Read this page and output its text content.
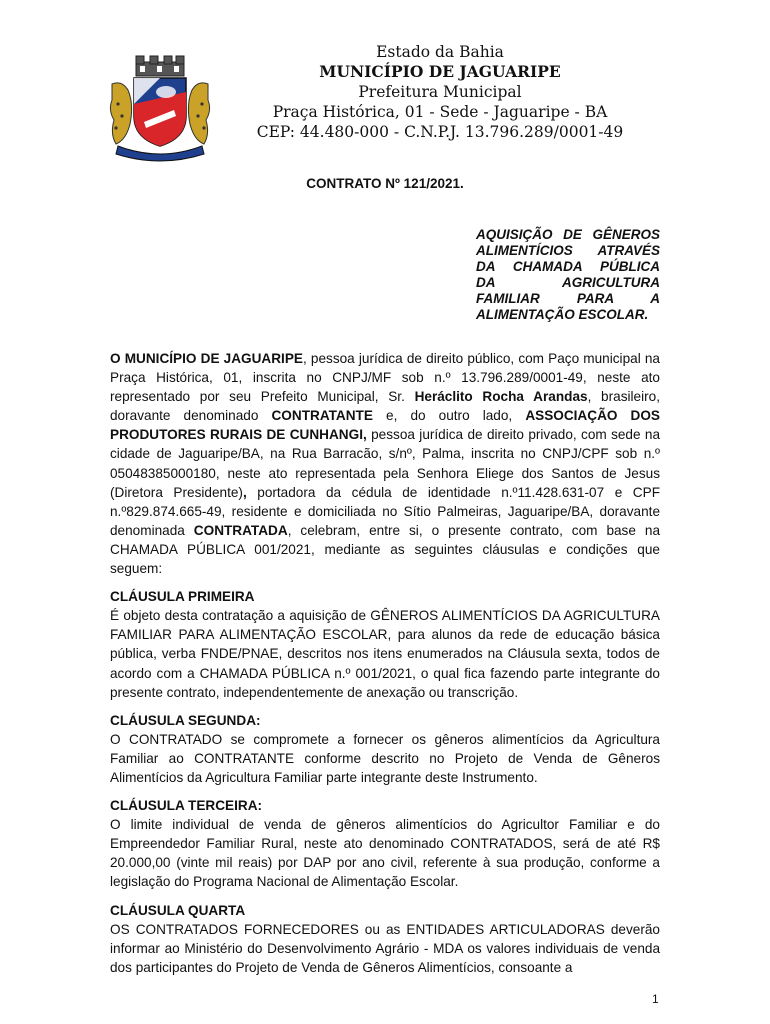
Estado da Bahia
MUNICÍPIO DE JAGUARIPE
Prefeitura Municipal
Praça Histórica, 01 - Sede - Jaguaripe - BA
CEP: 44.480-000 - C.N.P.J. 13.796.289/0001-49
CONTRATO Nº 121/2021.
AQUISIÇÃO DE GÊNEROS
ALIMENTÍCIOS ATRAVÉS
DA CHAMADA PÚBLICA
DA AGRICULTURA
FAMILIAR PARA A
ALIMENTAÇÃO ESCOLAR.

O MUNICÍPIO DE JAGUARIPE, pessoa jurídica de direito público, com Paço municipal na Praça Histórica, 01, inscrita no CNPJ/MF sob n.º 13.796.289/0001-49, neste ato representado por seu Prefeito Municipal, Sr. Heráclito Rocha Arandas, brasileiro, doravante denominado CONTRATANTE e, do outro lado, ASSOCIAÇÃO DOS PRODUTORES RURAIS DE CUNHANGI, pessoa jurídica de direito privado, com sede na cidade de Jaguaripe/BA, na Rua Barracão, s/nº, Palma, inscrita no CNPJ/CPF sob n.º 05048385000180, neste ato representada pela Senhora Eliege dos Santos de Jesus (Diretora Presidente), portadora da cédula de identidade n.º11.428.631-07 e CPF n.º829.874.665-49, residente e domiciliada no Sítio Palmeiras, Jaguaripe/BA, doravante denominada CONTRATADA, celebram, entre si, o presente contrato, com base na CHAMADA PÚBLICA 001/2021, mediante as seguintes cláusulas e condições que seguem:

CLÁUSULA PRIMEIRA
É objeto desta contratação a aquisição de GÊNEROS ALIMENTÍCIOS DA AGRICULTURA FAMILIAR PARA ALIMENTAÇÃO ESCOLAR, para alunos da rede de educação básica pública, verba FNDE/PNAE, descritos nos itens enumerados na Cláusula sexta, todos de acordo com a CHAMADA PÚBLICA n.º 001/2021, o qual fica fazendo parte integrante do presente contrato, independentemente de anexação ou transcrição.

CLÁUSULA SEGUNDA:
O CONTRATADO se compromete a fornecer os gêneros alimentícios da Agricultura Familiar ao CONTRATANTE conforme descrito no Projeto de Venda de Gêneros Alimentícios da Agricultura Familiar parte integrante deste Instrumento.

CLÁUSULA TERCEIRA:
O limite individual de venda de gêneros alimentícios do Agricultor Familiar e do Empreendedor Familiar Rural, neste ato denominado CONTRATADOS, será de até R$ 20.000,00 (vinte mil reais) por DAP por ano civil, referente à sua produção, conforme a legislação do Programa Nacional de Alimentação Escolar.

CLÁUSULA QUARTA
OS CONTRATADOS FORNECEDORES ou as ENTIDADES ARTICULADORAS deverão informar ao Ministério do Desenvolvimento Agrário - MDA os valores individuais de venda dos participantes do Projeto de Venda de Gêneros Alimentícios, consoante a

1
